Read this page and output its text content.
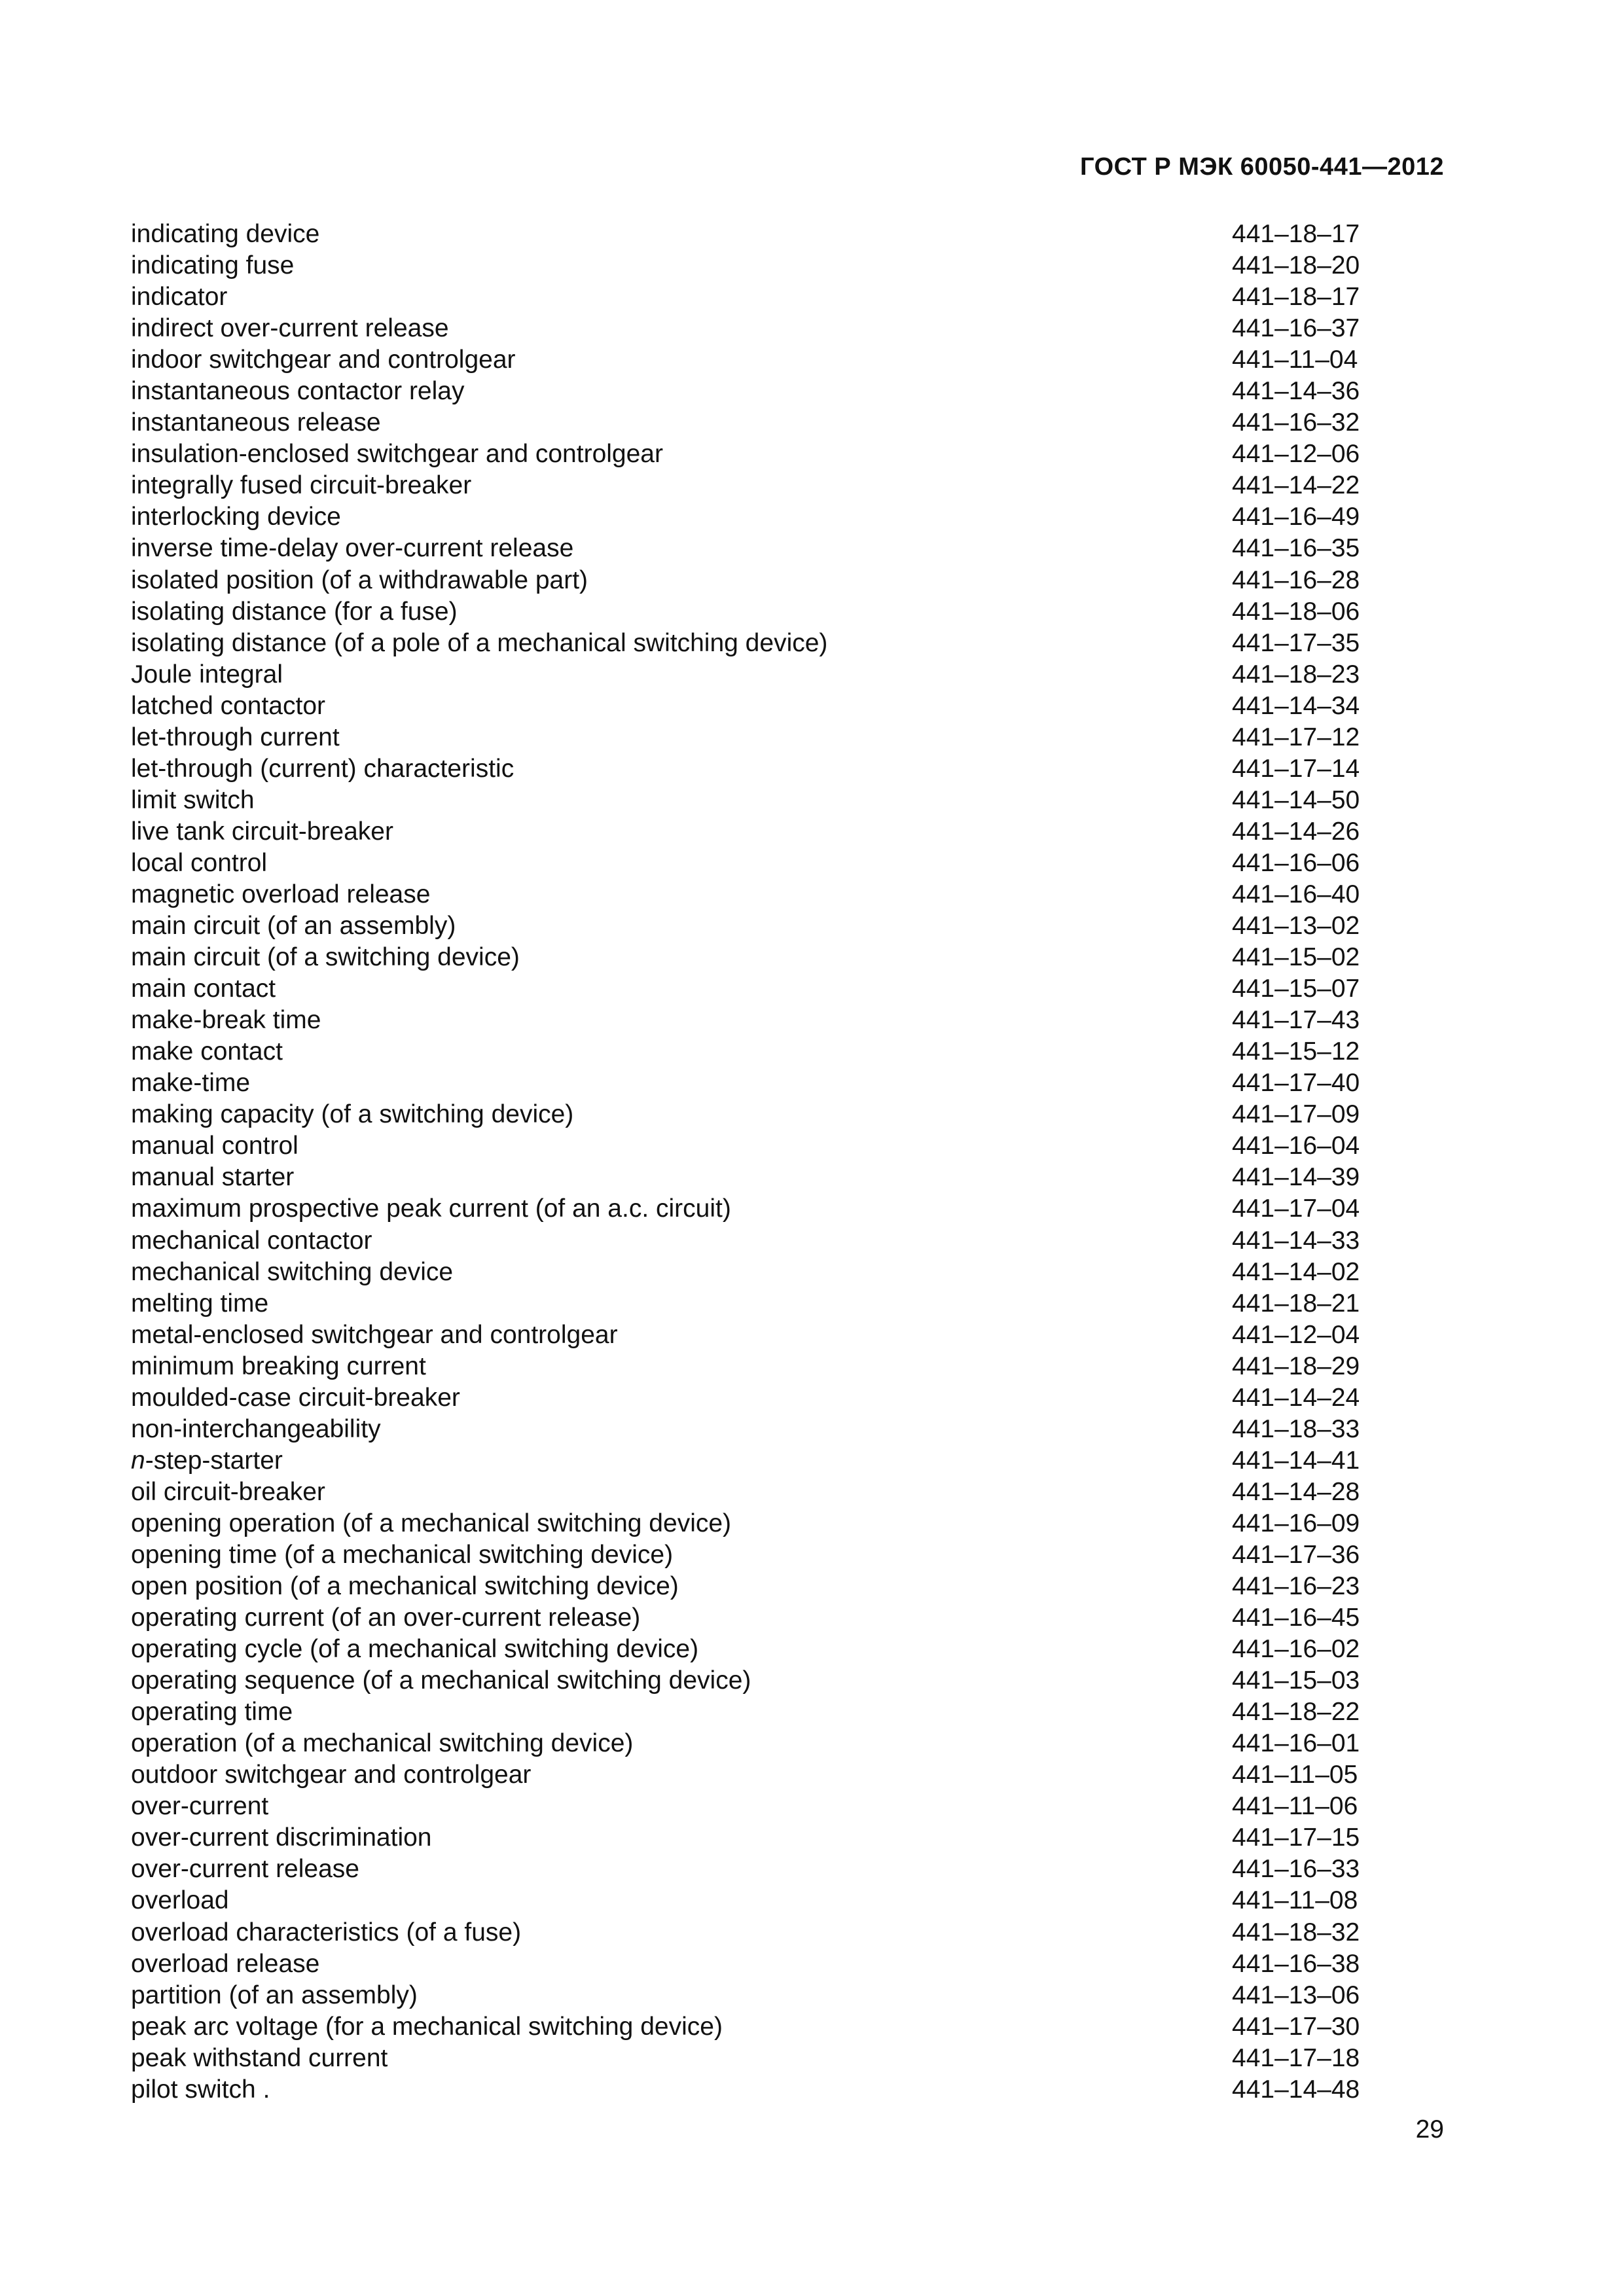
ГОСТ Р МЭК 60050-441—2012
indicating device	441–18–17
indicating fuse	441–18–20
indicator	441–18–17
indirect over-current release	441–16–37
indoor switchgear and controlgear	441–11–04
instantaneous contactor relay	441–14–36
instantaneous release	441–16–32
insulation-enclosed switchgear and controlgear	441–12–06
integrally fused circuit-breaker	441–14–22
interlocking device	441–16–49
inverse time-delay over-current release	441–16–35
isolated position (of a withdrawable part)	441–16–28
isolating distance (for a fuse)	441–18–06
isolating distance (of a pole of a mechanical switching device)	441–17–35
Joule integral	441–18–23
latched contactor	441–14–34
let-through current	441–17–12
let-through (current) characteristic	441–17–14
limit switch	441–14–50
live tank circuit-breaker	441–14–26
local control	441–16–06
magnetic overload release	441–16–40
main circuit (of an assembly)	441–13–02
main circuit (of a switching device)	441–15–02
main contact	441–15–07
make-break time	441–17–43
make contact	441–15–12
make-time	441–17–40
making capacity (of a switching device)	441–17–09
manual control	441–16–04
manual starter	441–14–39
maximum prospective peak current (of an a.c. circuit)	441–17–04
mechanical contactor	441–14–33
mechanical switching device	441–14–02
melting time	441–18–21
metal-enclosed switchgear and controlgear	441–12–04
minimum breaking current	441–18–29
moulded-case circuit-breaker	441–14–24
non-interchangeability	441–18–33
n-step-starter	441–14–41
oil circuit-breaker	441–14–28
opening operation (of a mechanical switching device)	441–16–09
opening time (of a mechanical switching device)	441–17–36
open position (of a mechanical switching device)	441–16–23
operating current (of an over-current release)	441–16–45
operating cycle (of a mechanical switching device)	441–16–02
operating sequence (of a mechanical switching device)	441–15–03
operating time	441–18–22
operation (of a mechanical switching device)	441–16–01
outdoor switchgear and controlgear	441–11–05
over-current	441–11–06
over-current discrimination	441–17–15
over-current release	441–16–33
overload	441–11–08
overload characteristics (of a fuse)	441–18–32
overload release	441–16–38
partition (of an assembly)	441–13–06
peak arc voltage (for a mechanical switching device)	441–17–30
peak withstand current	441–17–18
pilot switch .	441–14–48
29
